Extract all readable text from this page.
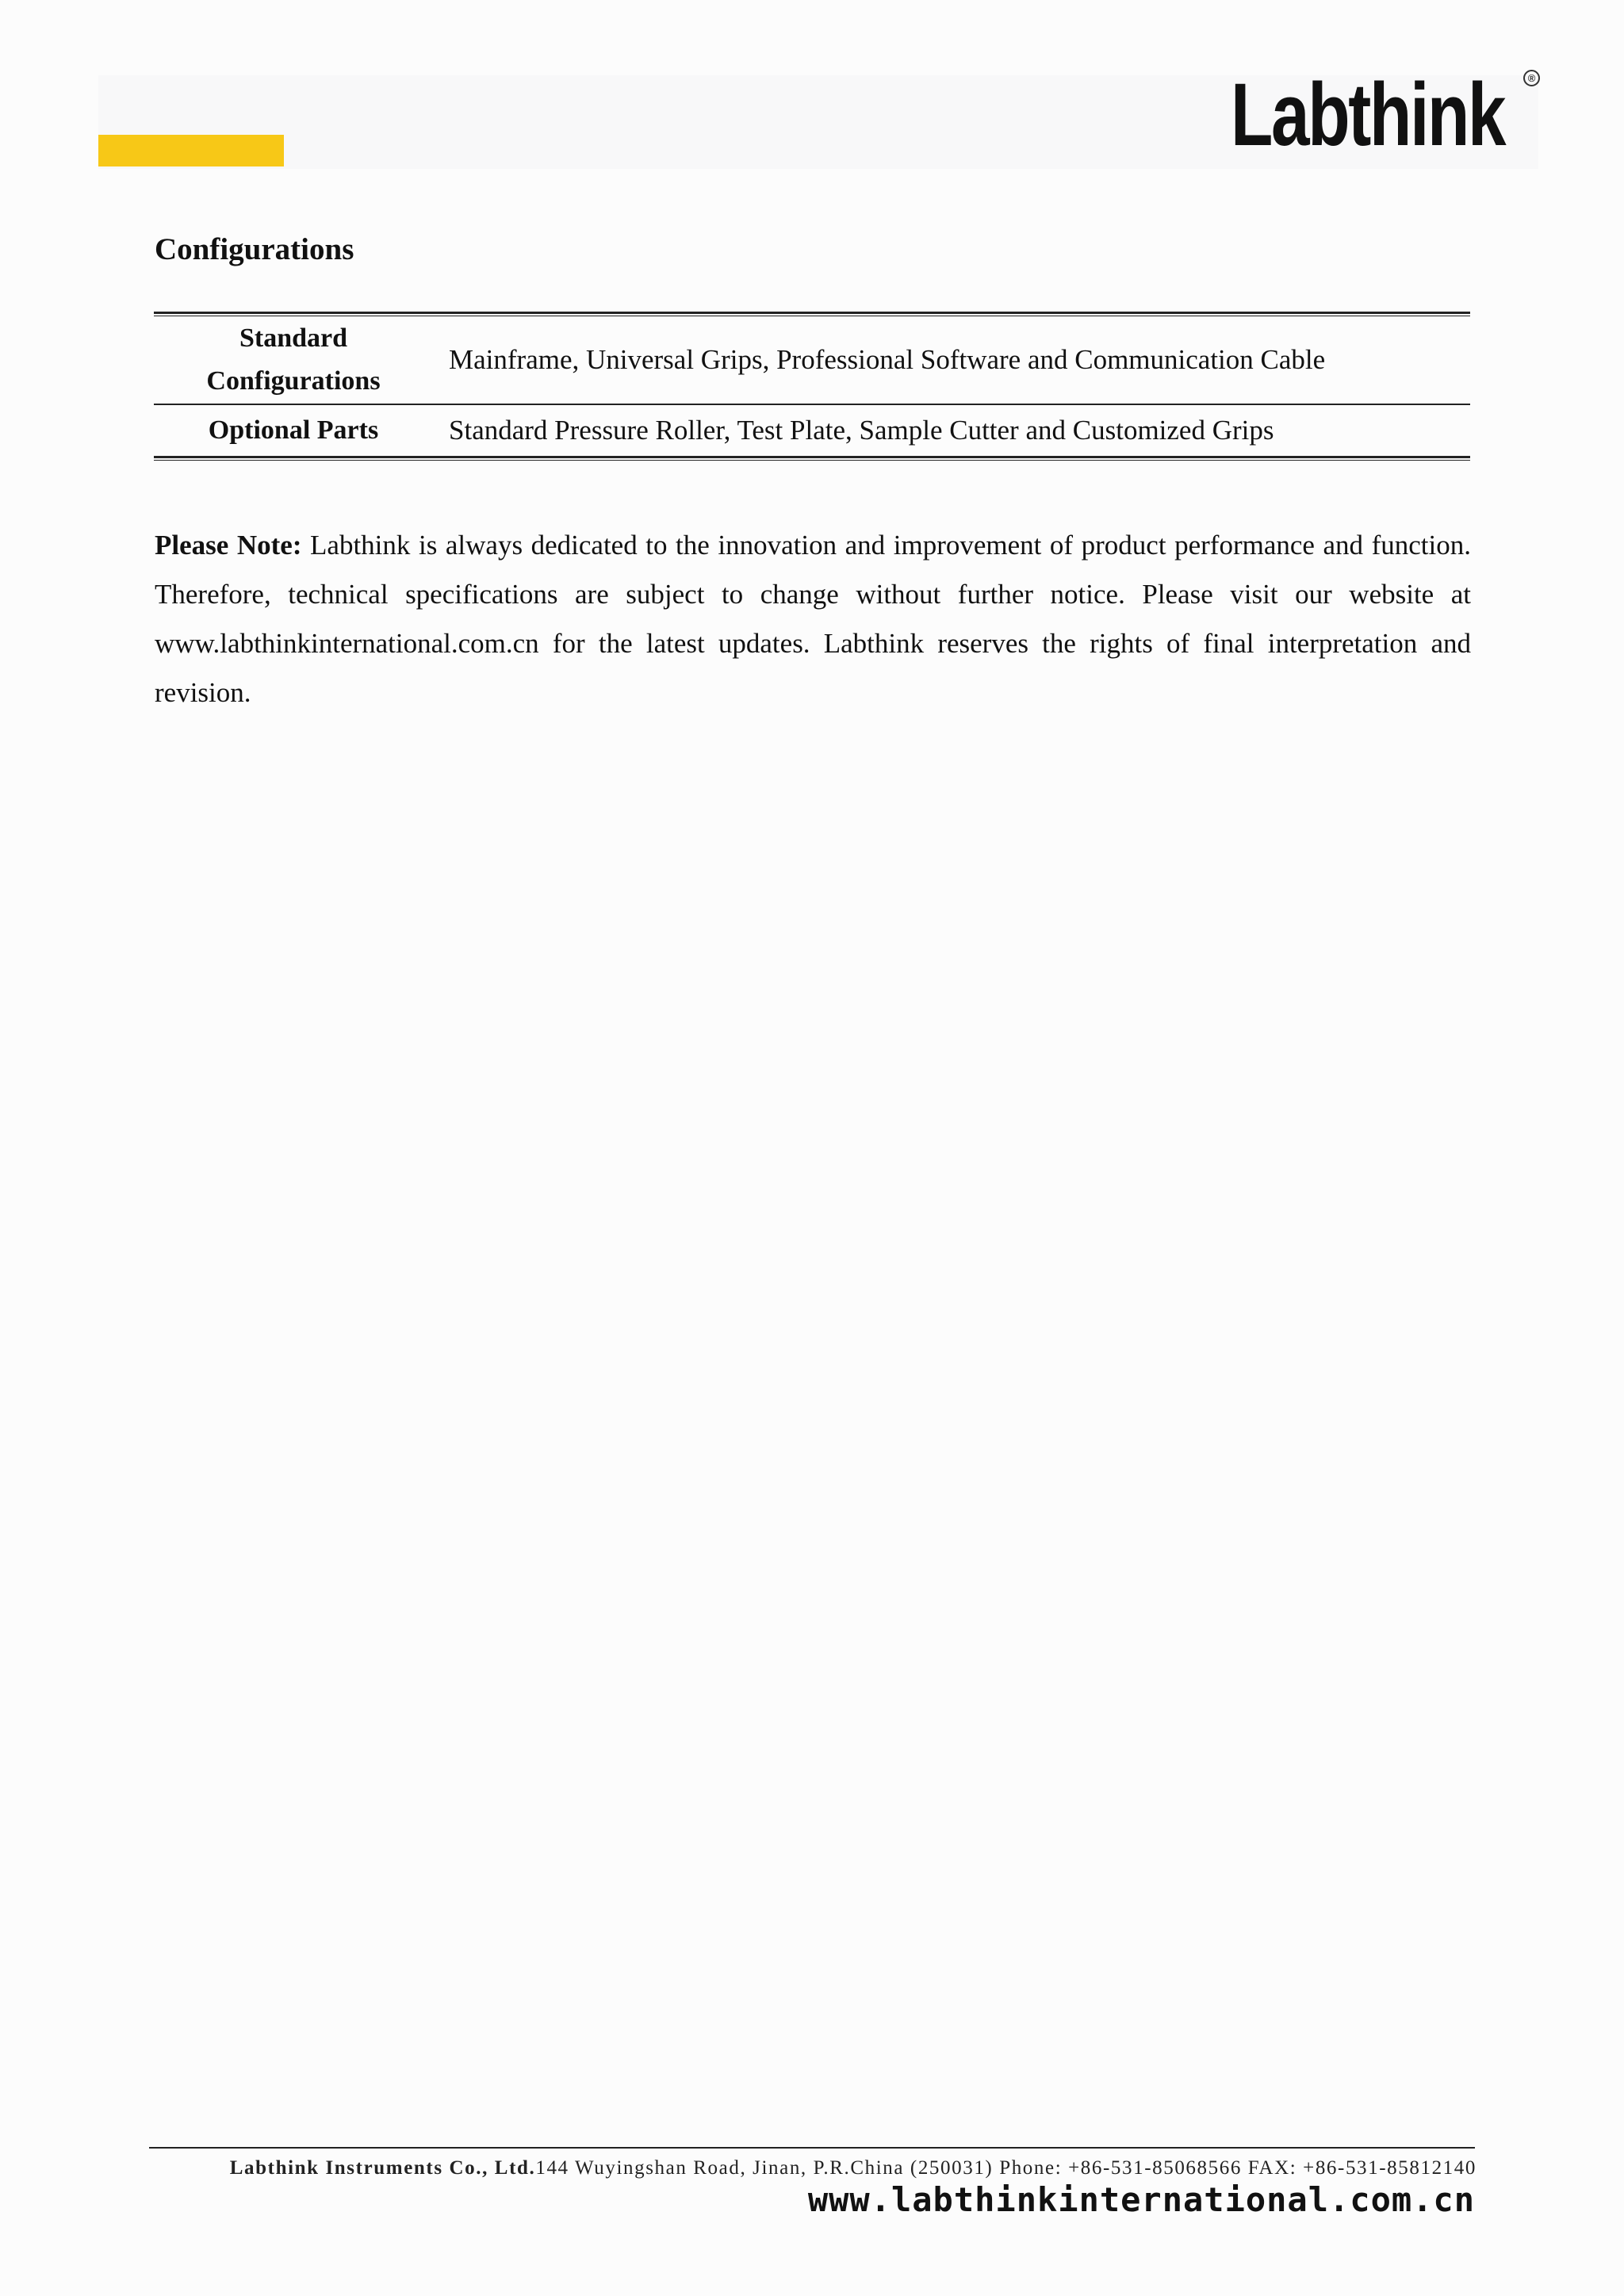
Labthink	®
Configurations
Standard
Configurations
Mainframe, Universal Grips, Professional Software and Communication Cable
Optional Parts	Standard Pressure Roller, Test Plate, Sample Cutter and Customized Grips

Please Note: Labthink is always dedicated to the innovation and improvement of product performance and function. Therefore, technical specifications are subject to change without further notice. Please visit our website at www.labthinkinternational.com.cn for the latest updates. Labthink reserves the rights of final interpretation and revision.

Labthink Instruments Co., Ltd.144 Wuyingshan Road, Jinan, P.R.China (250031) Phone: +86-531-85068566 FAX: +86-531-85812140
www.labthinkinternational.com.cn
